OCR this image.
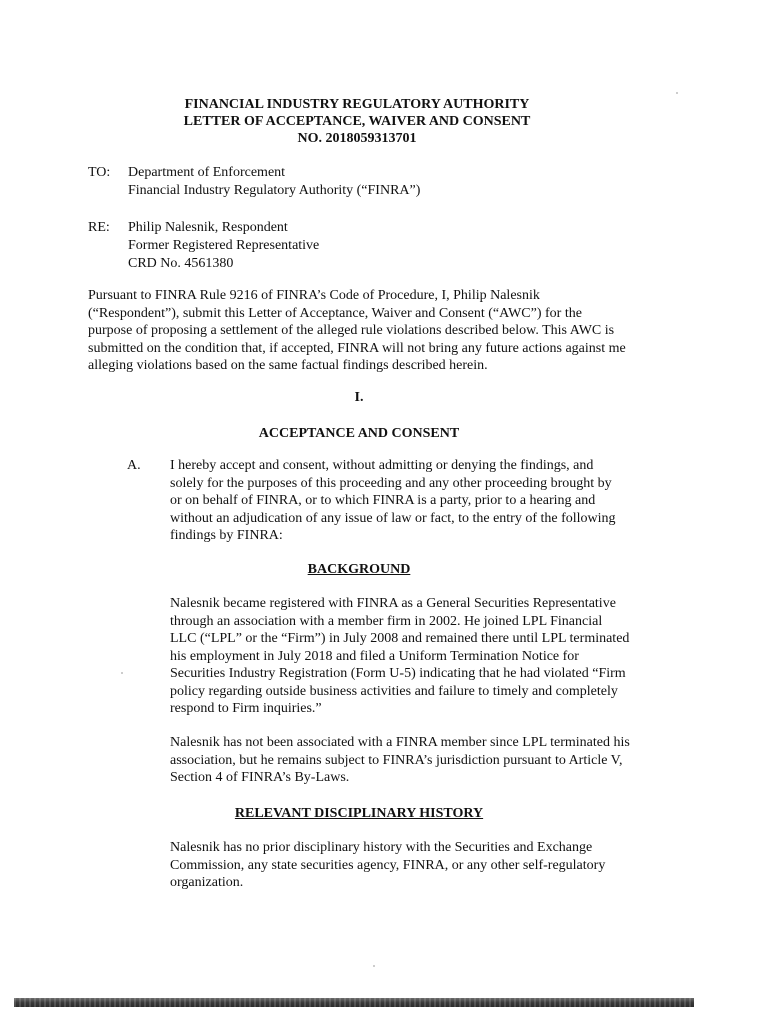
FINANCIAL INDUSTRY REGULATORY AUTHORITY
LETTER OF ACCEPTANCE, WAIVER AND CONSENT
NO. 2018059313701
TO:	Department of Enforcement
Financial Industry Regulatory Authority (“FINRA”)
RE:	Philip Nalesnik, Respondent
Former Registered Representative
CRD No. 4561380
Pursuant to FINRA Rule 9216 of FINRA’s Code of Procedure, I, Philip Nalesnik (“Respondent”), submit this Letter of Acceptance, Waiver and Consent (“AWC”) for the purpose of proposing a settlement of the alleged rule violations described below. This AWC is submitted on the condition that, if accepted, FINRA will not bring any future actions against me alleging violations based on the same factual findings described herein.
I.
ACCEPTANCE AND CONSENT
A. I hereby accept and consent, without admitting or denying the findings, and solely for the purposes of this proceeding and any other proceeding brought by or on behalf of FINRA, or to which FINRA is a party, prior to a hearing and without an adjudication of any issue of law or fact, to the entry of the following findings by FINRA:
BACKGROUND
Nalesnik became registered with FINRA as a General Securities Representative through an association with a member firm in 2002. He joined LPL Financial LLC (“LPL” or the “Firm”) in July 2008 and remained there until LPL terminated his employment in July 2018 and filed a Uniform Termination Notice for Securities Industry Registration (Form U-5) indicating that he had violated “Firm policy regarding outside business activities and failure to timely and completely respond to Firm inquiries.”
Nalesnik has not been associated with a FINRA member since LPL terminated his association, but he remains subject to FINRA’s jurisdiction pursuant to Article V, Section 4 of FINRA’s By-Laws.
RELEVANT DISCIPLINARY HISTORY
Nalesnik has no prior disciplinary history with the Securities and Exchange Commission, any state securities agency, FINRA, or any other self-regulatory organization.
